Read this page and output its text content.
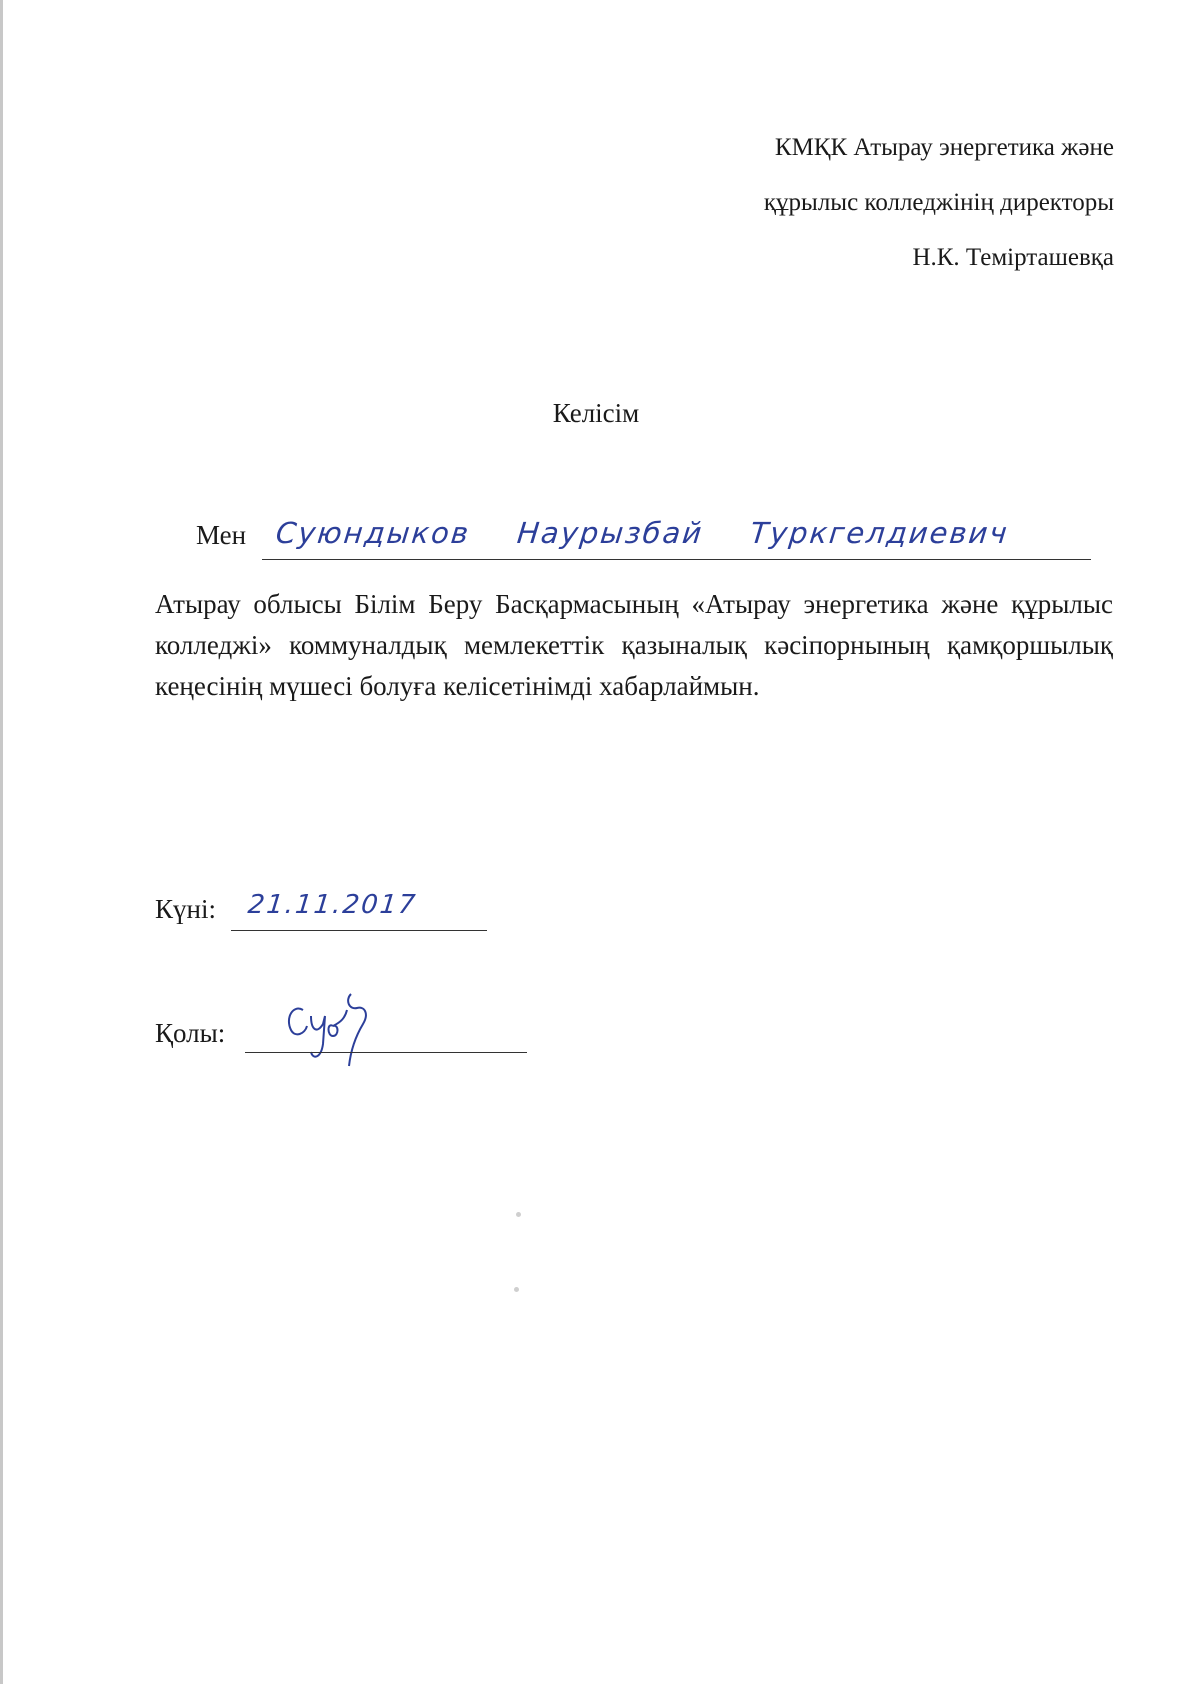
КМҚК Атырау энергетика және
құрылыс колледжінің директоры
Н.К. Темірташевқа
Келісім
Мен Суюндыков Наурызбай Туркгелдиевич
Атырау облысы Білім Беру Басқармасының «Атырау энергетика және құрылыс колледжі» коммуналдық мемлекеттік қазыналық кәсіпорнының қамқоршылық кеңесінің мүшесі болуға келісетінімді хабарлаймын.
Күні: 21.11.2017
Қолы:
